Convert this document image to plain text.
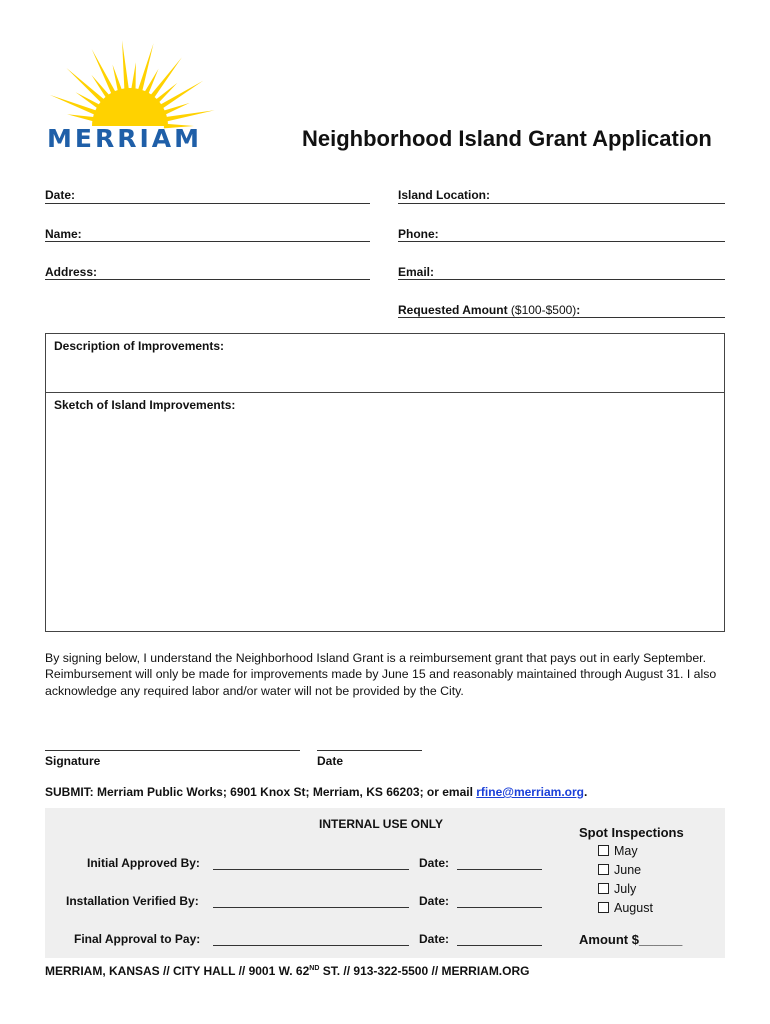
MERRIAM	Neighborhood Island Grant Application
Date:	Island Location:
Name:	Phone:
Address:	Email:
Requested Amount ($100-$500):
Description of Improvements:
Sketch of Island Improvements:
By signing below, I understand the Neighborhood Island Grant is a reimbursement grant that pays out in early September. Reimbursement will only be made for improvements made by June 15 and reasonably maintained through August 31. I also acknowledge any required labor and/or water will not be provided by the City.
Signature	Date
SUBMIT: Merriam Public Works; 6901 Knox St; Merriam, KS 66203; or email rfine@merriam.org.
INTERNAL USE ONLY
Initial Approved By:	Date:
Installation Verified By:	Date:
Final Approval to Pay:	Date:
Spot Inspections
May
June
July
August
Amount $______
MERRIAM, KANSAS // CITY HALL // 9001 W. 62ND ST. // 913-322-5500 // MERRIAM.ORG
